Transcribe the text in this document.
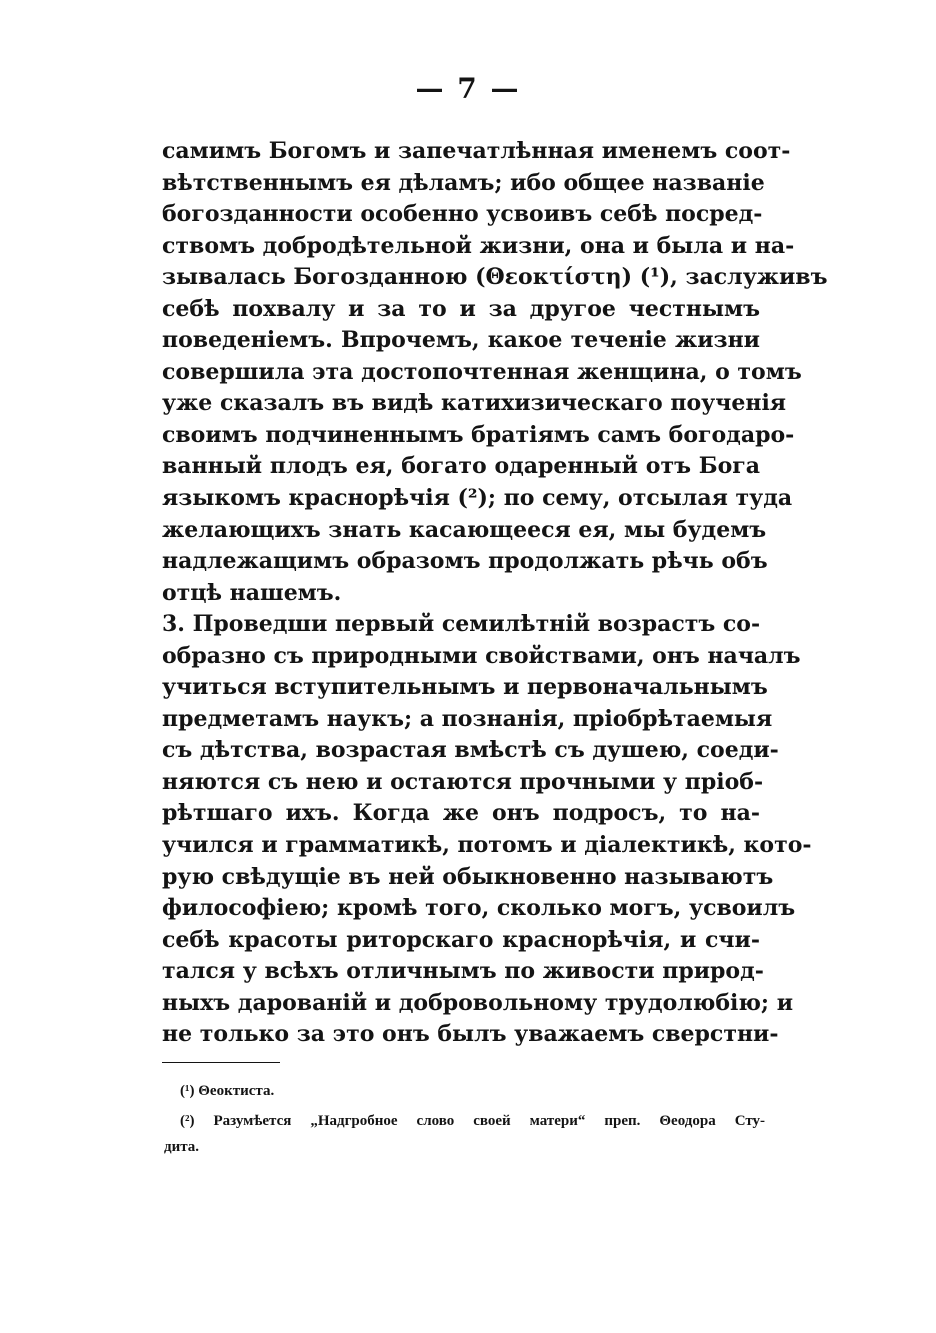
— 7 —
самимъ Богомъ и запечатлѣнная именемъ соот-
вѣтственнымъ ея дѣламъ; ибо общее названіе
богозданности особенно усвоивъ себѣ посред-
ствомъ добродѣтельной жизни, она и была и на-
зывалась Богозданною (Θεοκτίστη) (¹), заслуживъ
себѣ похвалу и за то и за другое честнымъ
поведеніемъ. Впрочемъ, какое теченіе жизни
совершила эта достопочтенная женщина, о томъ
уже сказалъ въ видѣ катихизическаго поученія
своимъ подчиненнымъ братіямъ самъ богодаро-
ванный плодъ ея, богато одаренный отъ Бога
языкомъ краснорѣчія (²); по сему, отсылая туда
желающихъ знать касающееся ея, мы будемъ
надлежащимъ образомъ продолжать рѣчь объ
отцѣ нашемъ.
3. Проведши первый семилѣтній возрастъ со-
образно съ природными свойствами, онъ началъ
учиться вступительнымъ и первоначальнымъ
предметамъ наукъ; а познанія, пріобрѣтаемыя
съ дѣтства, возрастая вмѣстѣ съ душею, соеди-
няются съ нею и остаются прочными у пріоб-
рѣтшаго ихъ. Когда же онъ подросъ, то на-
учился и грамматикѣ, потомъ и діалектикѣ, кото-
рую свѣдущіе въ ней обыкновенно называютъ
философіею; кромѣ того, сколько могъ, усвоилъ
себѣ красоты риторскаго краснорѣчія, и счи-
тался у всѣхъ отличнымъ по живости природ-
ныхъ дарованій и добровольному трудолюбію; и
не только за это онъ былъ уважаемъ сверстни-
(¹) Θеоктиста.
(²) Разумѣется „Надгробное слово своей матери“ преп. Θеодора Сту-
дита.
